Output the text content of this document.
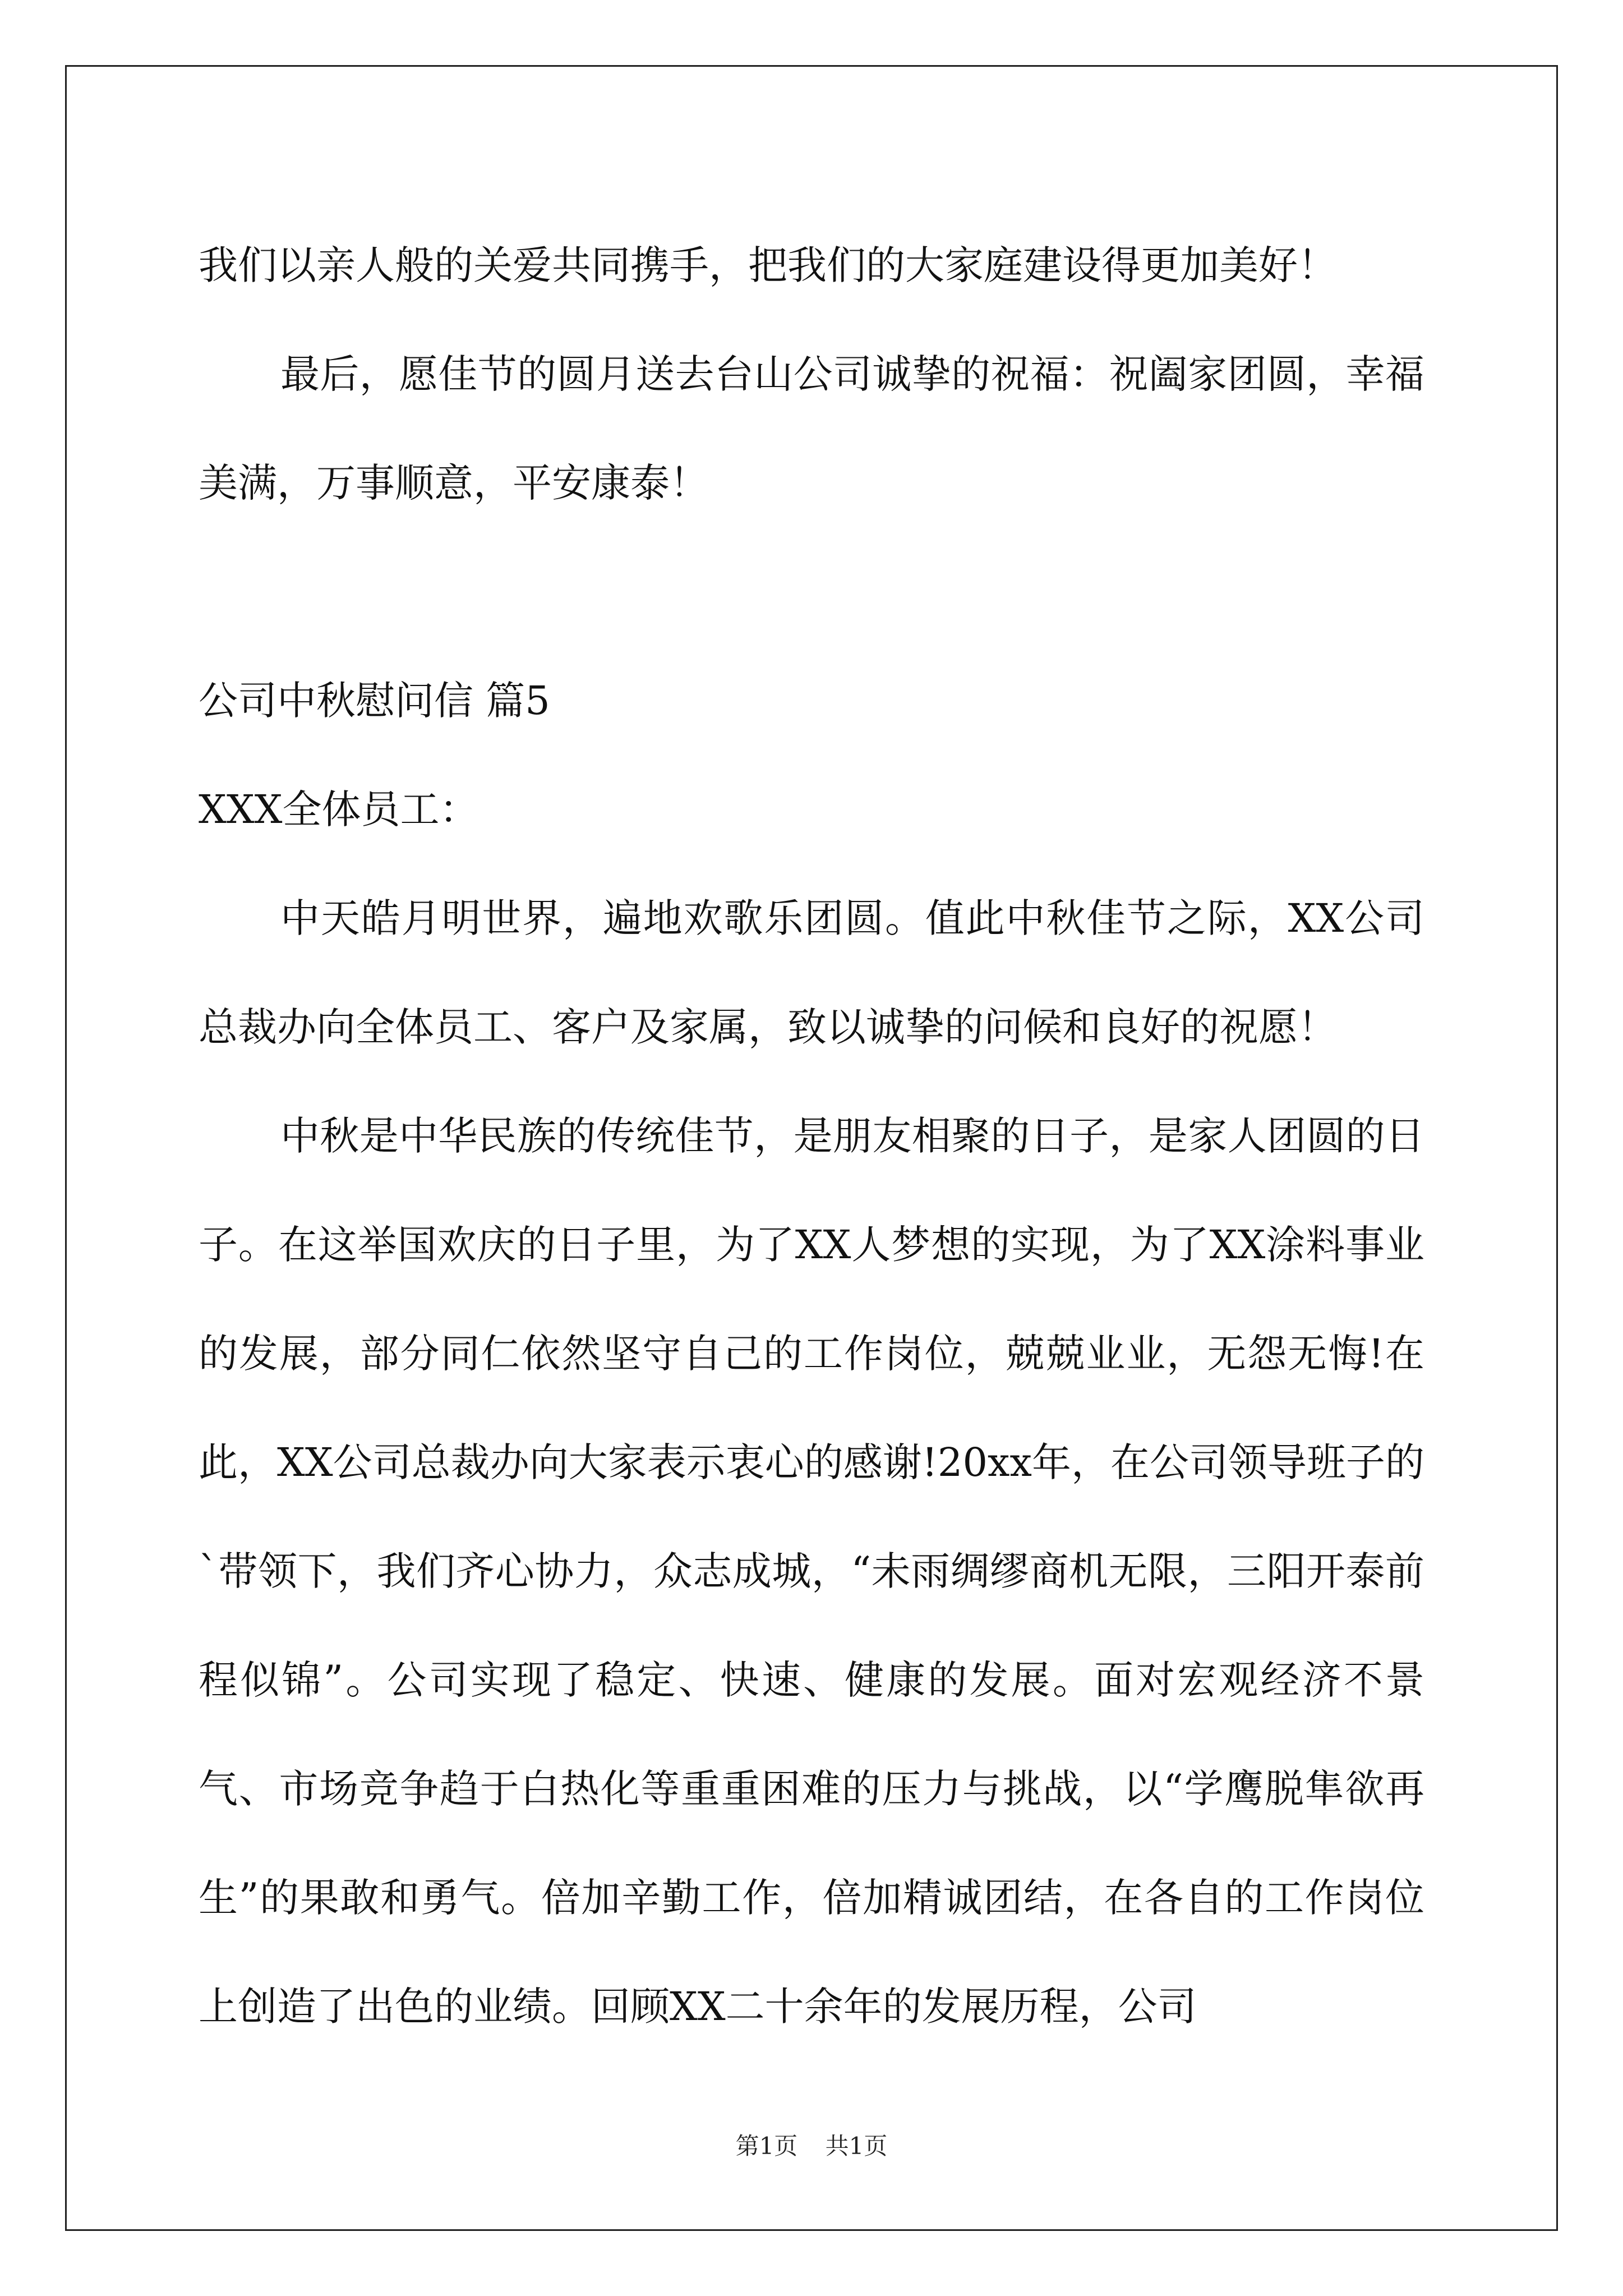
我们以亲人般的关爱共同携手，把我们的大家庭建设得更加美好！

最后，愿佳节的圆月送去台山公司诚挚的祝福：祝阖家团圆，幸福美满，万事顺意，平安康泰！

公司中秋慰问信 篇5

XXX全体员工：

中天皓月明世界，遍地欢歌乐团圆。值此中秋佳节之际，XX公司总裁办向全体员工、客户及家属，致以诚挚的问候和良好的祝愿！

中秋是中华民族的传统佳节，是朋友相聚的日子，是家人团圆的日子。在这举国欢庆的日子里，为了XX人梦想的实现，为了XX涂料事业的发展，部分同仁依然坚守自己的工作岗位，兢兢业业，无怨无悔!在此，XX公司总裁办向大家表示衷心的感谢!20xx年，在公司领导班子的`带领下，我们齐心协力，众志成城，“未雨绸缪商机无限，三阳开泰前程似锦”。公司实现了稳定、快速、健康的发展。面对宏观经济不景气、市场竞争趋于白热化等重重困难的压力与挑战，以“学鹰脱隼欲再生”的果敢和勇气。倍加辛勤工作，倍加精诚团结，在各自的工作岗位上创造了出色的业绩。回顾XX二十余年的发展历程，公司

第1页 共1页
